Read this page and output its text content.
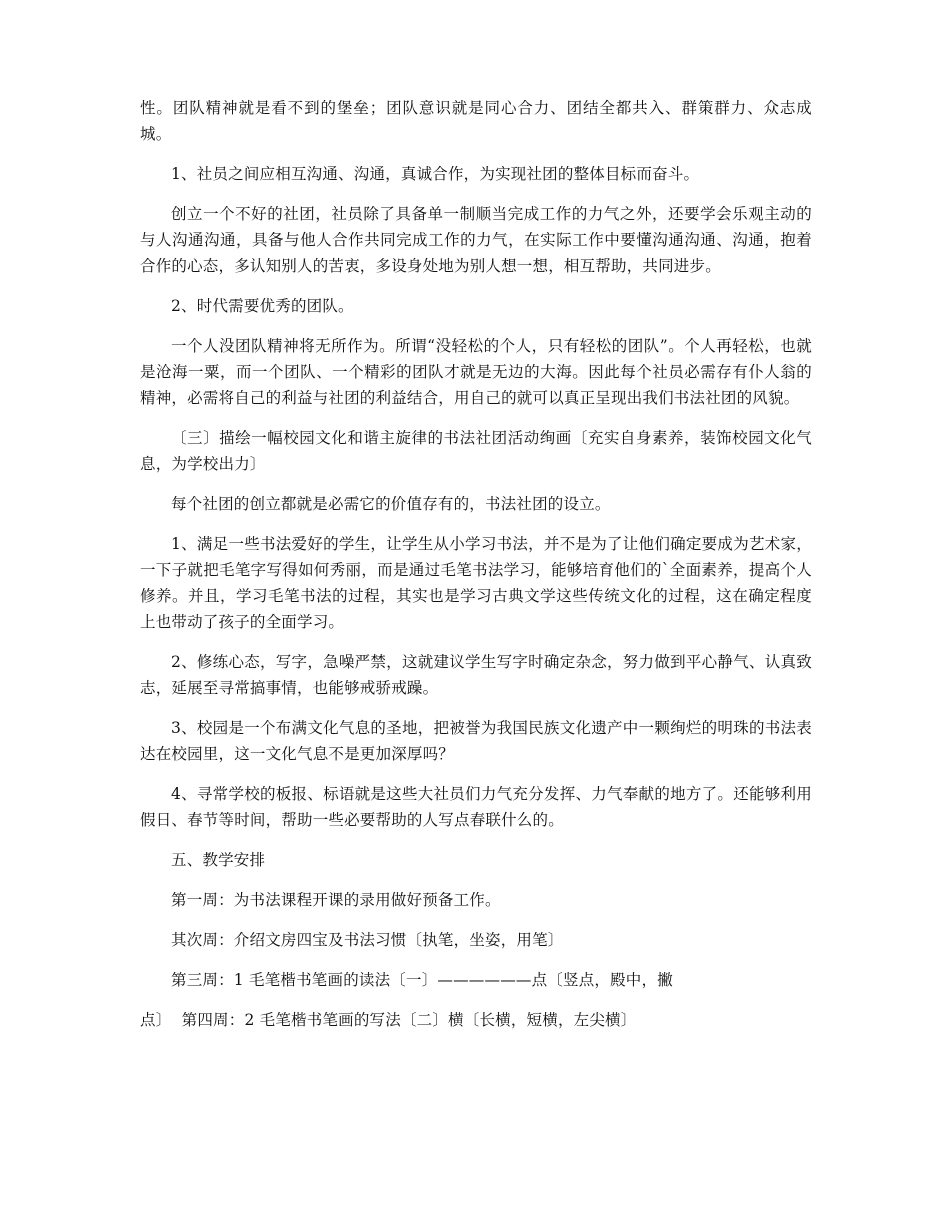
性。团队精神就是看不到的堡垒；团队意识就是同心合力、团结全都共入、群策群力、众志成城。

1、社员之间应相互沟通、沟通，真诚合作，为实现社团的整体目标而奋斗。

创立一个不好的社团，社员除了具备单一制顺当完成工作的力气之外，还要学会乐观主动的与人沟通沟通，具备与他人合作共同完成工作的力气，在实际工作中要懂沟通沟通、沟通，抱着合作的心态，多认知别人的苦衷，多设身处地为别人想一想，相互帮助，共同进步。

2、时代需要优秀的团队。

一个人没团队精神将无所作为。所谓“没轻松的个人，只有轻松的团队”。个人再轻松，也就是沧海一粟，而一个团队、一个精彩的团队才就是无边的大海。因此每个社员必需存有仆人翁的精神，必需将自己的利益与社团的利益结合，用自己的就可以真正呈现出我们书法社团的风貌。

〔三〕描绘一幅校园文化和谐主旋律的书法社团活动绚画〔充实自身素养，装饰校园文化气息，为学校出力〕

每个社团的创立都就是必需它的价值存有的，书法社团的设立。

1、满足一些书法爱好的学生，让学生从小学习书法，并不是为了让他们确定要成为艺术家，一下子就把毛笔字写得如何秀丽，而是通过毛笔书法学习，能够培育他们的`全面素养，提高个人修养。并且，学习毛笔书法的过程，其实也是学习古典文学这些传统文化的过程，这在确定程度上也带动了孩子的全面学习。

2、修练心态，写字，急噪严禁，这就建议学生写字时确定杂念，努力做到平心静气、认真致志，延展至寻常搞事情，也能够戒骄戒躁。

3、校园是一个布满文化气息的圣地，把被誉为我国民族文化遗产中一颗绚烂的明珠的书法表达在校园里，这一文化气息不是更加深厚吗？

4、寻常学校的板报、标语就是这些大社员们力气充分发挥、力气奉献的地方了。还能够利用假日、春节等时间，帮助一些必要帮助的人写点春联什么的。

五、教学安排

第一周：为书法课程开课的录用做好预备工作。

其次周：介绍文房四宝及书法习惯〔执笔，坐姿，用笔〕

第三周：1 毛笔楷书笔画的读法〔一〕——————点〔竖点，殿中，撇

点〕  第四周：2 毛笔楷书笔画的写法〔二〕横〔长横，短横，左尖横〕
